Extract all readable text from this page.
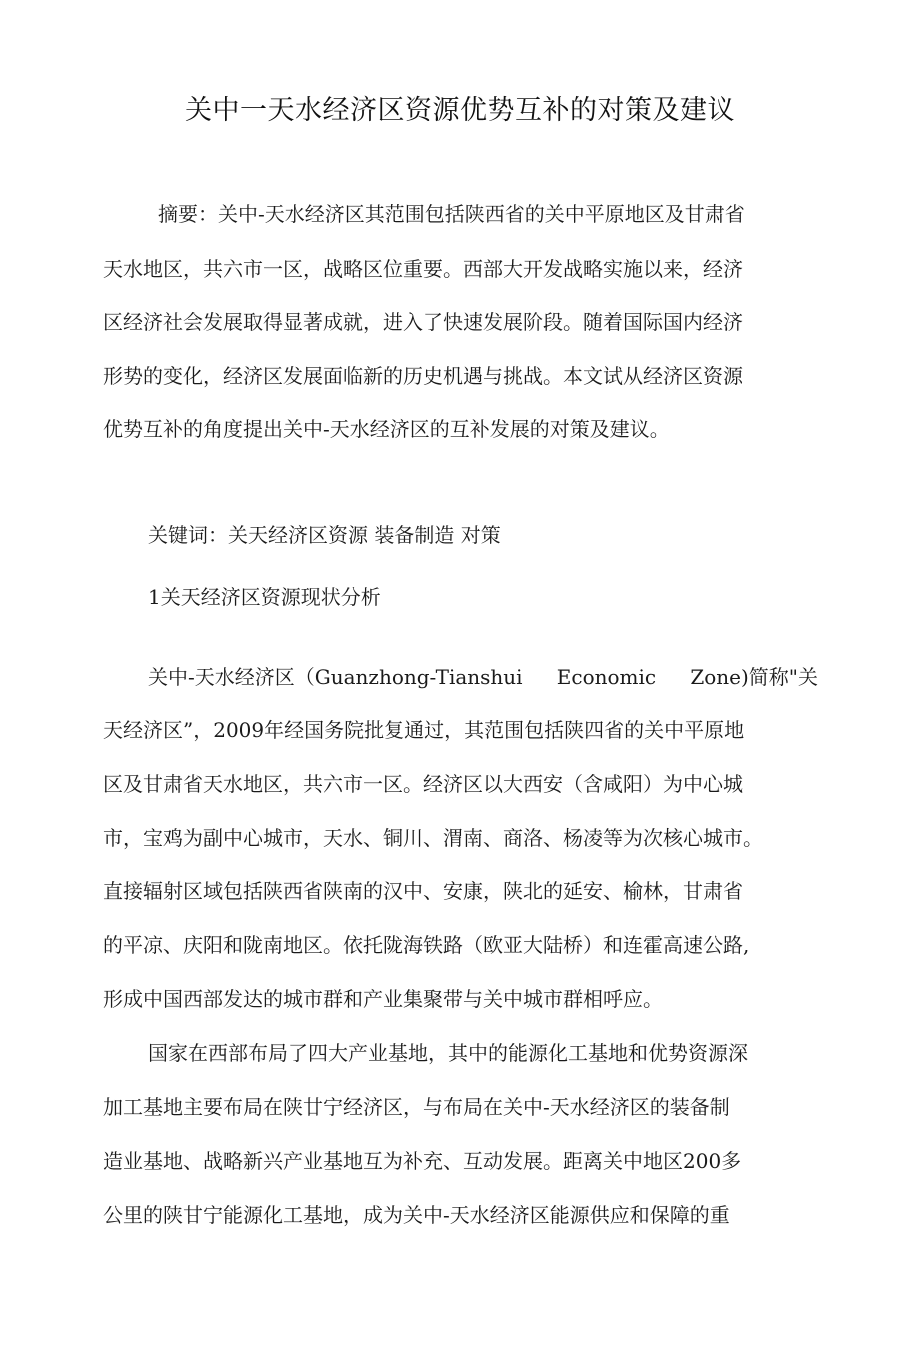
关中一天水经济区资源优势互补的对策及建议
摘要：关中-天水经济区其范围包括陕西省的关中平原地区及甘肃省
天水地区，共六市一区，战略区位重要。西部大开发战略实施以来，经济
区经济社会发展取得显著成就，进入了快速发展阶段。随着国际国内经济
形势的变化，经济区发展面临新的历史机遇与挑战。本文试从经济区资源
优势互补的角度提出关中-天水经济区的互补发展的对策及建议。
关键词：关天经济区资源 装备制造 对策
1关天经济区资源现状分析
关中-天水经济区（Guanzhong-Tianshui Economic Zone)简称"关
天经济区”，2009年经国务院批复通过，其范围包括陕四省的关中平原地
区及甘肃省天水地区，共六市一区。经济区以大西安（含咸阳）为中心城
市，宝鸡为副中心城市，天水、铜川、渭南、商洛、杨凌等为次核心城市。
直接辐射区域包括陕西省陕南的汉中、安康，陕北的延安、榆林，甘肃省
的平凉、庆阳和陇南地区。依托陇海铁路（欧亚大陆桥）和连霍高速公路,
形成中国西部发达的城市群和产业集聚带与关中城市群相呼应。
国家在西部布局了四大产业基地，其中的能源化工基地和优势资源深
加工基地主要布局在陕廿宁经济区，与布局在关中-天水经济区的装备制
造业基地、战略新兴产业基地互为补充、互动发展。距离关中地区200多
公里的陕甘宁能源化工基地，成为关中-天水经济区能源供应和保障的重
